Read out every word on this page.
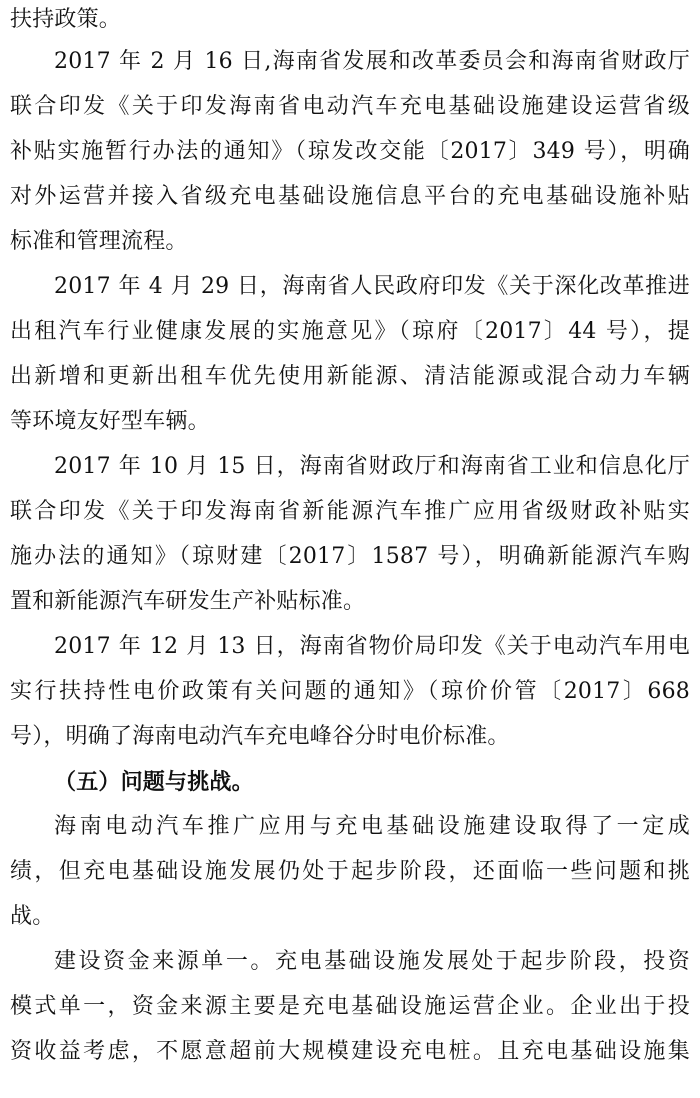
扶持政策。
2017 年 2 月 16 日,海南省发展和改革委员会和海南省财政厅
联合印发《关于印发海南省电动汽车充电基础设施建设运营省级
补贴实施暂行办法的通知》（琼发改交能〔2017〕349 号），明确
对外运营并接入省级充电基础设施信息平台的充电基础设施补贴
标准和管理流程。
2017 年 4 月 29 日，海南省人民政府印发《关于深化改革推进
出租汽车行业健康发展的实施意见》（琼府〔2017〕44 号），提
出新增和更新出租车优先使用新能源、清洁能源或混合动力车辆
等环境友好型车辆。
2017 年 10 月 15 日，海南省财政厅和海南省工业和信息化厅
联合印发《关于印发海南省新能源汽车推广应用省级财政补贴实
施办法的通知》（琼财建〔2017〕1587 号），明确新能源汽车购
置和新能源汽车研发生产补贴标准。
2017 年 12 月 13 日，海南省物价局印发《关于电动汽车用电
实行扶持性电价政策有关问题的通知》（琼价价管〔2017〕668
号），明确了海南电动汽车充电峰谷分时电价标准。
（五）问题与挑战。
海南电动汽车推广应用与充电基础设施建设取得了一定成
绩，但充电基础设施发展仍处于起步阶段，还面临一些问题和挑
战。
建设资金来源单一。充电基础设施发展处于起步阶段，投资
模式单一，资金来源主要是充电基础设施运营企业。企业出于投
资收益考虑，不愿意超前大规模建设充电桩。且充电基础设施集
